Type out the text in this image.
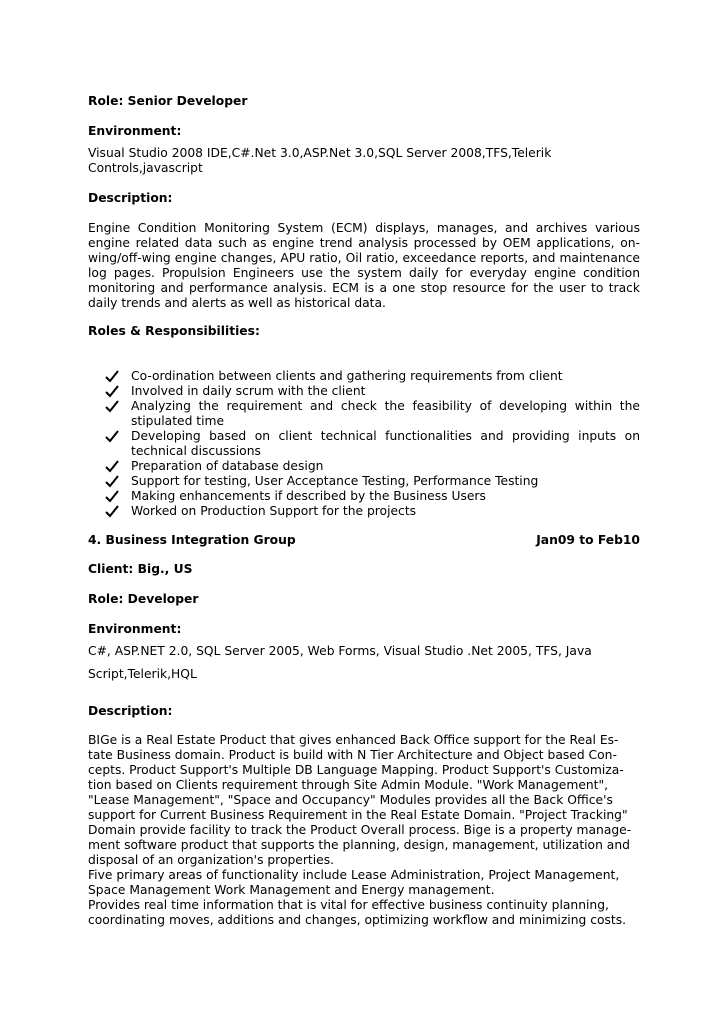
Role: Senior Developer
Environment:
Visual Studio 2008 IDE,C#.Net 3.0,ASP.Net 3.0,SQL Server 2008,TFS,Telerik
Controls,javascript
Description:
Engine Condition Monitoring System (ECM) displays, manages, and archives various
engine related data such as engine trend analysis processed by OEM applications, on-
wing/off-wing engine changes, APU ratio, Oil ratio, exceedance reports, and maintenance
log pages. Propulsion Engineers use the system daily for everyday engine condition
monitoring and performance analysis. ECM is a one stop resource for the user to track
daily trends and alerts as well as historical data.
Roles & Responsibilities:
Co-ordination between clients and gathering requirements from client
Involved in daily scrum with the client
Analyzing the requirement and check the feasibility of developing within the
stipulated time
Developing based on client technical functionalities and providing inputs on
technical discussions
Preparation of database design
Support for testing, User Acceptance Testing, Performance Testing
Making enhancements if described by the Business Users
Worked on Production Support for the projects
4. Business Integration Group	Jan09 to Feb10
Client: Big., US
Role: Developer
Environment:
C#, ASP.NET 2.0, SQL Server 2005, Web Forms, Visual Studio .Net 2005, TFS, Java
Script,Telerik,HQL
Description:
BIGe is a Real Estate Product that gives enhanced Back Office support for the Real Es-
tate Business domain. Product is build with N Tier Architecture and Object based Con-
cepts. Product Support's Multiple DB Language Mapping. Product Support's Customiza-
tion based on Clients requirement through Site Admin Module. "Work Management",
"Lease Management", "Space and Occupancy" Modules provides all the Back Office's
support for Current Business Requirement in the Real Estate Domain. "Project Tracking"
Domain provide facility to track the Product Overall process. Bige is a property manage-
ment software product that supports the planning, design, management, utilization and
disposal of an organization's properties.
Five primary areas of functionality include Lease Administration, Project Management,
Space Management Work Management and Energy management.
Provides real time information that is vital for effective business continuity planning,
coordinating moves, additions and changes, optimizing workflow and minimizing costs.
